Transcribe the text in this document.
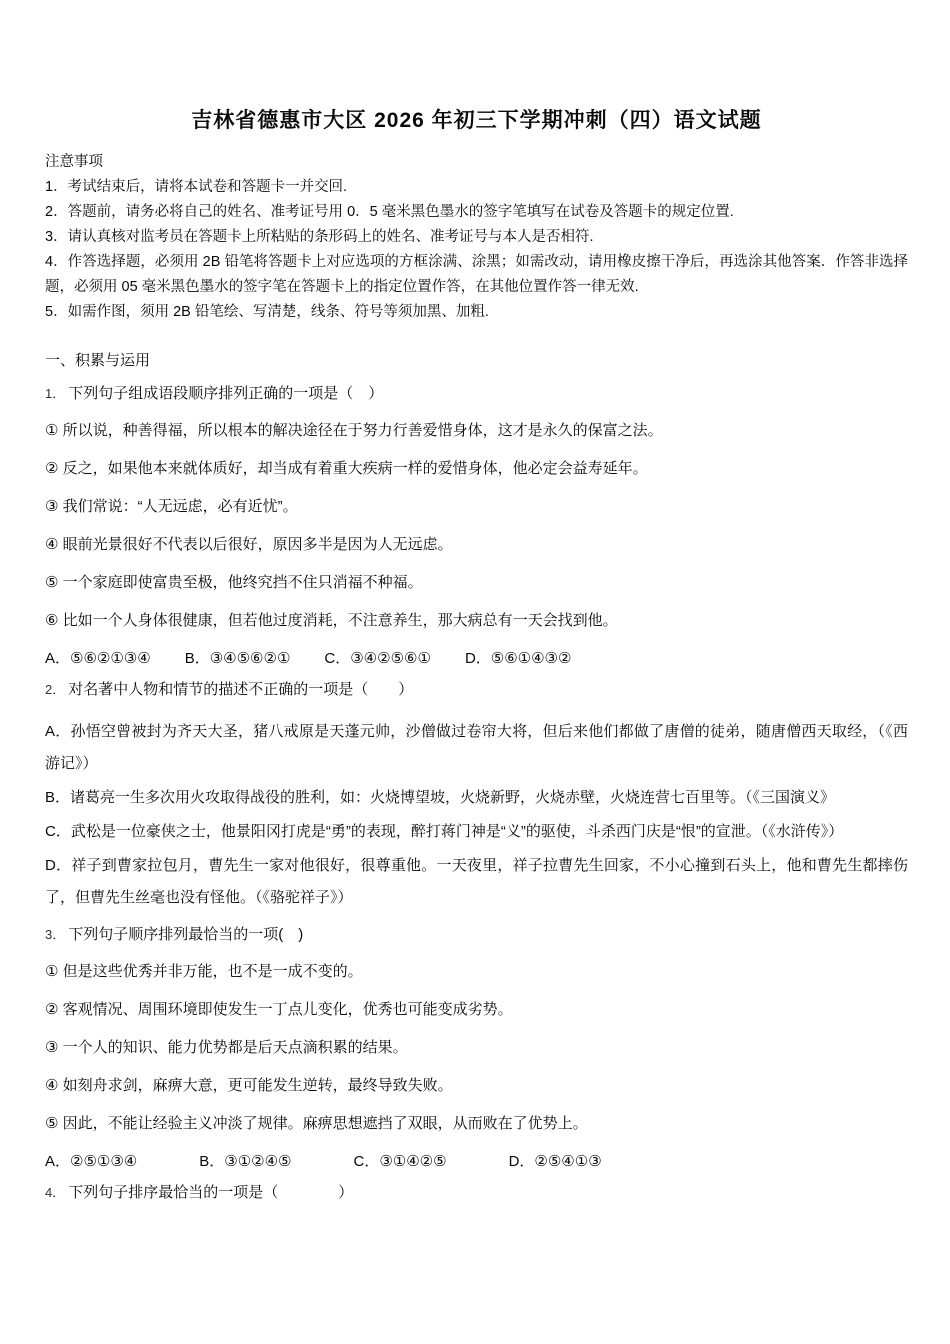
吉林省德惠市大区 2026 年初三下学期冲刺（四）语文试题
注意事项
1．考试结束后，请将本试卷和答题卡一并交回.
2．答题前，请务必将自己的姓名、准考证号用 0．5 毫米黑色墨水的签字笔填写在试卷及答题卡的规定位置.
3．请认真核对监考员在答题卡上所粘贴的条形码上的姓名、准考证号与本人是否相符.
4．作答选择题，必须用 2B 铅笔将答题卡上对应选项的方框涂满、涂黑；如需改动，请用橡皮擦干净后，再选涂其他答案．作答非选择题，必须用 05 毫米黑色墨水的签字笔在答题卡上的指定位置作答，在其他位置作答一律无效.
5．如需作图，须用 2B 铅笔绘、写清楚，线条、符号等须加黑、加粗.
一、积累与运用
1． 下列句子组成语段顺序排列正确的一项是（　）
① 所以说，种善得福，所以根本的解决途径在于努力行善爱惜身体，这才是永久的保富之法。
② 反之，如果他本来就体质好，却当成有着重大疾病一样的爱惜身体，他必定会益寿延年。
③ 我们常说：“人无远虑，必有近忧”。
④ 眼前光景很好不代表以后很好，原因多半是因为人无远虑。
⑤ 一个家庭即使富贵至极，他终究挡不住只消福不种福。
⑥ 比如一个人身体很健康，但若他过度消耗，不注意养生，那大病总有一天会找到他。
A．⑤⑥②①③④ B．③④⑤⑥②① C．③④②⑤⑥① D．⑤⑥①④③②
2． 对名著中人物和情节的描述不正确的一项是（　　）
A．孙悟空曾被封为齐天大圣，猪八戒原是天蓬元帅，沙僧做过卷帘大将，但后来他们都做了唐僧的徒弟，随唐僧西天取经，（《西游记》）
B．诸葛亮一生多次用火攻取得战役的胜利，如：火烧博望坡，火烧新野，火烧赤壁，火烧连营七百里等。（《三国演义》
C．武松是一位豪侠之士，他景阳冈打虎是“勇”的表现，醉打蒋门神是“义”的驱使，斗杀西门庆是“恨”的宣泄。（《水浒传》）
D．祥子到曹家拉包月，曹先生一家对他很好，很尊重他。一天夜里，祥子拉曹先生回家，不小心撞到石头上，他和曹先生都摔伤了，但曹先生丝毫也没有怪他。（《骆驼祥子》）
3． 下列句子顺序排列最恰当的一项(　)
① 但是这些优秀并非万能，也不是一成不变的。
② 客观情况、周围环境即使发生一丁点儿变化，优秀也可能变成劣势。
③ 一个人的知识、能力优势都是后天点滴积累的结果。
④ 如刻舟求剑，麻痹大意，更可能发生逆转，最终导致失败。
⑤ 因此，不能让经验主义冲淡了规律。麻痹思想遮挡了双眼，从而败在了优势上。
A．②⑤①③④	B．③①②④⑤	C．③①④②⑤	D．②⑤④①③
4． 下列句子排序最恰当的一项是（　　　　）
